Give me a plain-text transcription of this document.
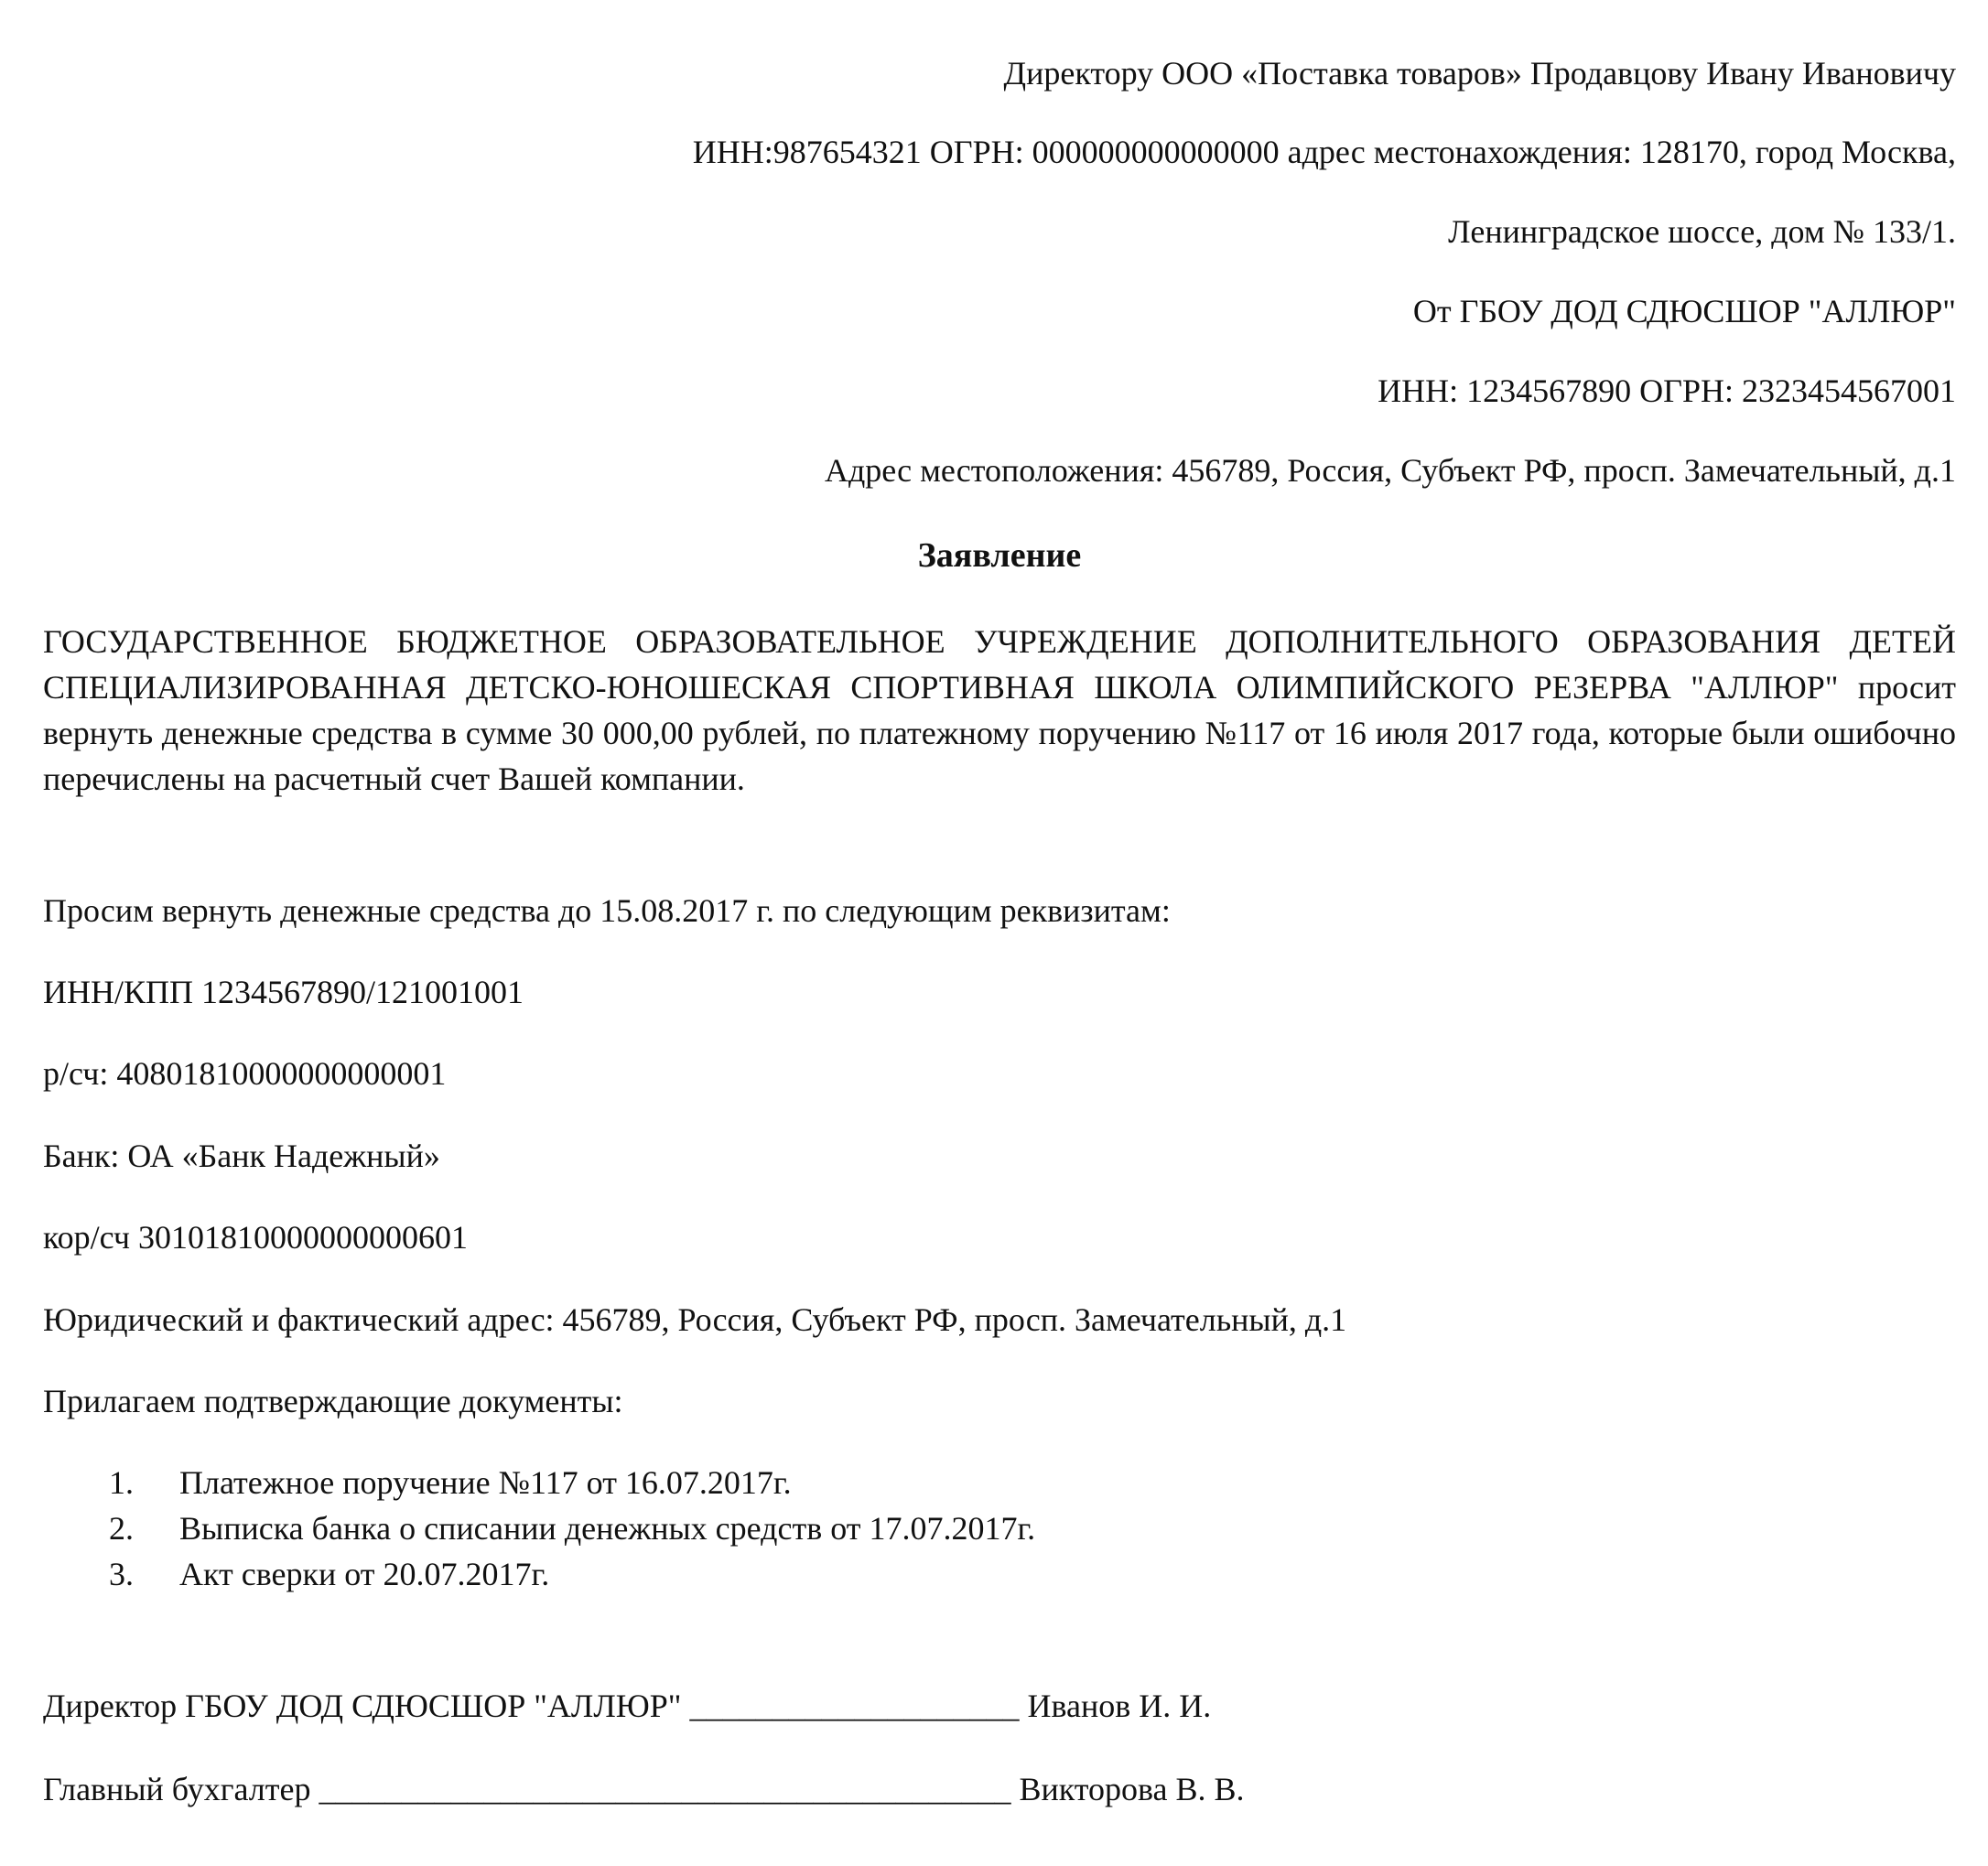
Директору ООО «Поставка товаров» Продавцову Ивану Ивановичу

ИНН:987654321 ОГРН: 000000000000000 адрес местонахождения: 128170, город Москва,

Ленинградское шоссе, дом № 133/1.

От ГБОУ ДОД СДЮСШОР "АЛЛЮР"

ИНН: 1234567890 ОГРН: 2323454567001

Адрес местоположения: 456789, Россия, Субъект РФ, просп. Замечательный, д.1

Заявление

ГОСУДАРСТВЕННОЕ БЮДЖЕТНОЕ ОБРАЗОВАТЕЛЬНОЕ УЧРЕЖДЕНИЕ ДОПОЛНИТЕЛЬНОГО ОБРАЗОВАНИЯ ДЕТЕЙ СПЕЦИАЛИЗИРОВАННАЯ ДЕТСКО-ЮНОШЕСКАЯ СПОРТИВНАЯ ШКОЛА ОЛИМПИЙСКОГО РЕЗЕРВА "АЛЛЮР" просит вернуть денежные средства в сумме 30 000,00 рублей, по платежному поручению №117 от 16 июля 2017 года, которые были ошибочно перечислены на расчетный счет Вашей компании.

Просим вернуть денежные средства до 15.08.2017 г. по следующим реквизитам:

ИНН/КПП 1234567890/121001001

р/сч: 40801810000000000001

Банк: ОА «Банк Надежный»

кор/сч 30101810000000000601

Юридический и фактический адрес: 456789, Россия, Субъект РФ, просп. Замечательный, д.1

Прилагаем подтверждающие документы:

1. Платежное поручение №117 от 16.07.2017г.
2. Выписка банка о списании денежных средств от 17.07.2017г.
3. Акт сверки от 20.07.2017г.

Директор ГБОУ ДОД СДЮСШОР "АЛЛЮР" ____________________ Иванов И. И.

Главный бухгалтер __________________________________________ Викторова В. В.
